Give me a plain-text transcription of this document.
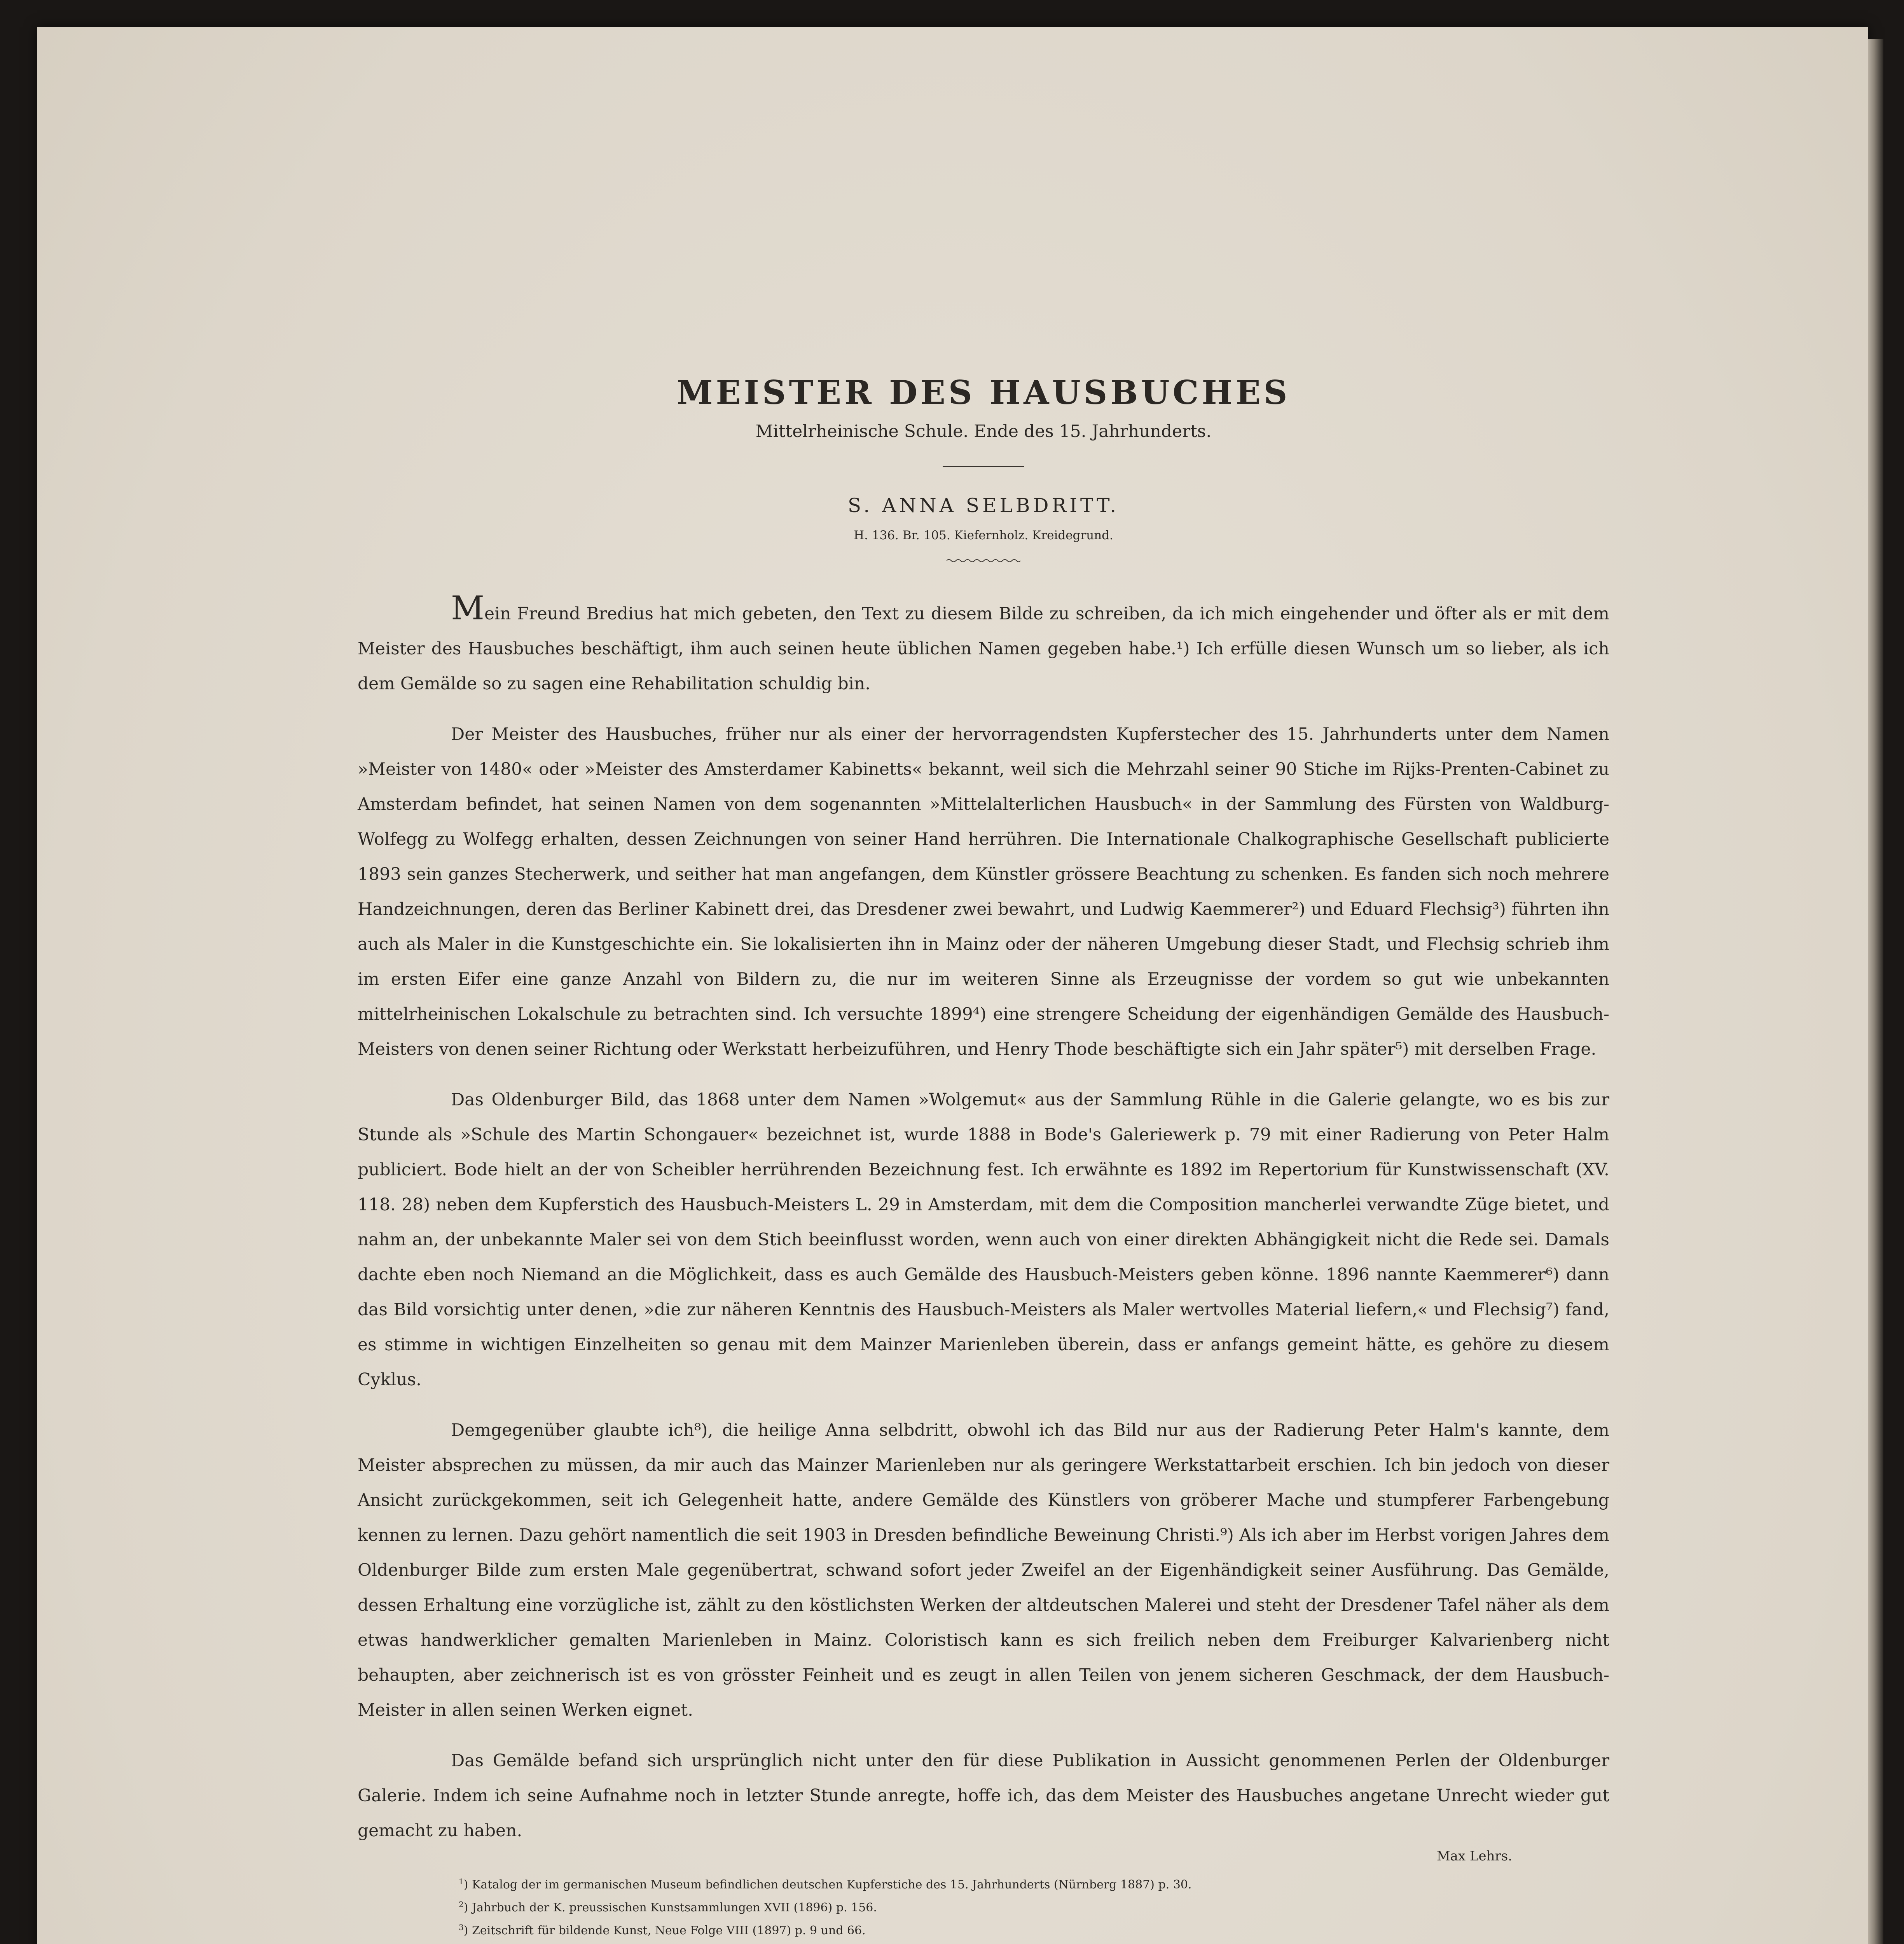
MEISTER DES HAUSBUCHES

Mittelrheinische Schule. Ende des 15. Jahrhunderts.

S. ANNA SELBDRITT.

H. 136. Br. 105. Kiefernholz. Kreidegrund.

Mein Freund Bredius hat mich gebeten, den Text zu diesem Bilde zu schreiben, da ich mich eingehender und öfter als er mit dem Meister des Hausbuches beschäftigt, ihm auch seinen heute üblichen Namen gegeben habe.¹) Ich erfülle diesen Wunsch um so lieber, als ich dem Gemälde so zu sagen eine Rehabilitation schuldig bin.

Der Meister des Hausbuches, früher nur als einer der hervorragendsten Kupferstecher des 15. Jahrhunderts unter dem Namen »Meister von 1480« oder »Meister des Amsterdamer Kabinetts« bekannt, weil sich die Mehrzahl seiner 90 Stiche im Rijks-Prenten-Cabinet zu Amsterdam befindet, hat seinen Namen von dem sogenannten »Mittelalterlichen Hausbuch« in der Sammlung des Fürsten von Waldburg-Wolfegg zu Wolfegg erhalten, dessen Zeichnungen von seiner Hand herrühren. Die Internationale Chalkographische Gesellschaft publicierte 1893 sein ganzes Stecherwerk, und seither hat man angefangen, dem Künstler grössere Beachtung zu schenken. Es fanden sich noch mehrere Handzeichnungen, deren das Berliner Kabinett drei, das Dresdener zwei bewahrt, und Ludwig Kaemmerer²) und Eduard Flechsig³) führten ihn auch als Maler in die Kunstgeschichte ein. Sie lokalisierten ihn in Mainz oder der näheren Umgebung dieser Stadt, und Flechsig schrieb ihm im ersten Eifer eine ganze Anzahl von Bildern zu, die nur im weiteren Sinne als Erzeugnisse der vordem so gut wie unbekannten mittelrheinischen Lokalschule zu betrachten sind. Ich versuchte 1899⁴) eine strengere Scheidung der eigenhändigen Gemälde des Hausbuch-Meisters von denen seiner Richtung oder Werkstatt herbeizuführen, und Henry Thode beschäftigte sich ein Jahr später⁵) mit derselben Frage.

Das Oldenburger Bild, das 1868 unter dem Namen »Wolgemut« aus der Sammlung Rühle in die Galerie gelangte, wo es bis zur Stunde als »Schule des Martin Schongauer« bezeichnet ist, wurde 1888 in Bode's Galeriewerk p. 79 mit einer Radierung von Peter Halm publiciert. Bode hielt an der von Scheibler herrührenden Bezeichnung fest. Ich erwähnte es 1892 im Repertorium für Kunstwissenschaft (XV. 118. 28) neben dem Kupferstich des Hausbuch-Meisters L. 29 in Amsterdam, mit dem die Composition mancherlei verwandte Züge bietet, und nahm an, der unbekannte Maler sei von dem Stich beeinflusst worden, wenn auch von einer direkten Abhängigkeit nicht die Rede sei. Damals dachte eben noch Niemand an die Möglichkeit, dass es auch Gemälde des Hausbuch-Meisters geben könne. 1896 nannte Kaemmerer⁶) dann das Bild vorsichtig unter denen, »die zur näheren Kenntnis des Hausbuch-Meisters als Maler wertvolles Material liefern,« und Flechsig⁷) fand, es stimme in wichtigen Einzelheiten so genau mit dem Mainzer Marienleben überein, dass er anfangs gemeint hätte, es gehöre zu diesem Cyklus.

Demgegenüber glaubte ich⁸), die heilige Anna selbdritt, obwohl ich das Bild nur aus der Radierung Peter Halm's kannte, dem Meister absprechen zu müssen, da mir auch das Mainzer Marienleben nur als geringere Werkstattarbeit erschien. Ich bin jedoch von dieser Ansicht zurückgekommen, seit ich Gelegenheit hatte, andere Gemälde des Künstlers von gröberer Mache und stumpferer Farbengebung kennen zu lernen. Dazu gehört namentlich die seit 1903 in Dresden befindliche Beweinung Christi.⁹) Als ich aber im Herbst vorigen Jahres dem Oldenburger Bilde zum ersten Male gegenübertrat, schwand sofort jeder Zweifel an der Eigenhändigkeit seiner Ausführung. Das Gemälde, dessen Erhaltung eine vorzügliche ist, zählt zu den köstlichsten Werken der altdeutschen Malerei und steht der Dresdener Tafel näher als dem etwas handwerklicher gemalten Marienleben in Mainz. Coloristisch kann es sich freilich neben dem Freiburger Kalvarienberg nicht behaupten, aber zeichnerisch ist es von grösster Feinheit und es zeugt in allen Teilen von jenem sicheren Geschmack, der dem Hausbuch-Meister in allen seinen Werken eignet.

Das Gemälde befand sich ursprünglich nicht unter den für diese Publikation in Aussicht genommenen Perlen der Oldenburger Galerie. Indem ich seine Aufnahme noch in letzter Stunde anregte, hoffe ich, das dem Meister des Hausbuches angetane Unrecht wieder gut gemacht zu haben.

Max Lehrs.
$^1$) Katalog der im germanischen Museum befindlichen deutschen Kupferstiche des 15. Jahrhunderts (Nürnberg 1887) p. 30.
$^2$) Jahrbuch der K. preussischen Kunstsammlungen XVII (1896) p. 156.
$^3$) Zeitschrift für bildende Kunst, Neue Folge VIII (1897) p. 9 und 66.
